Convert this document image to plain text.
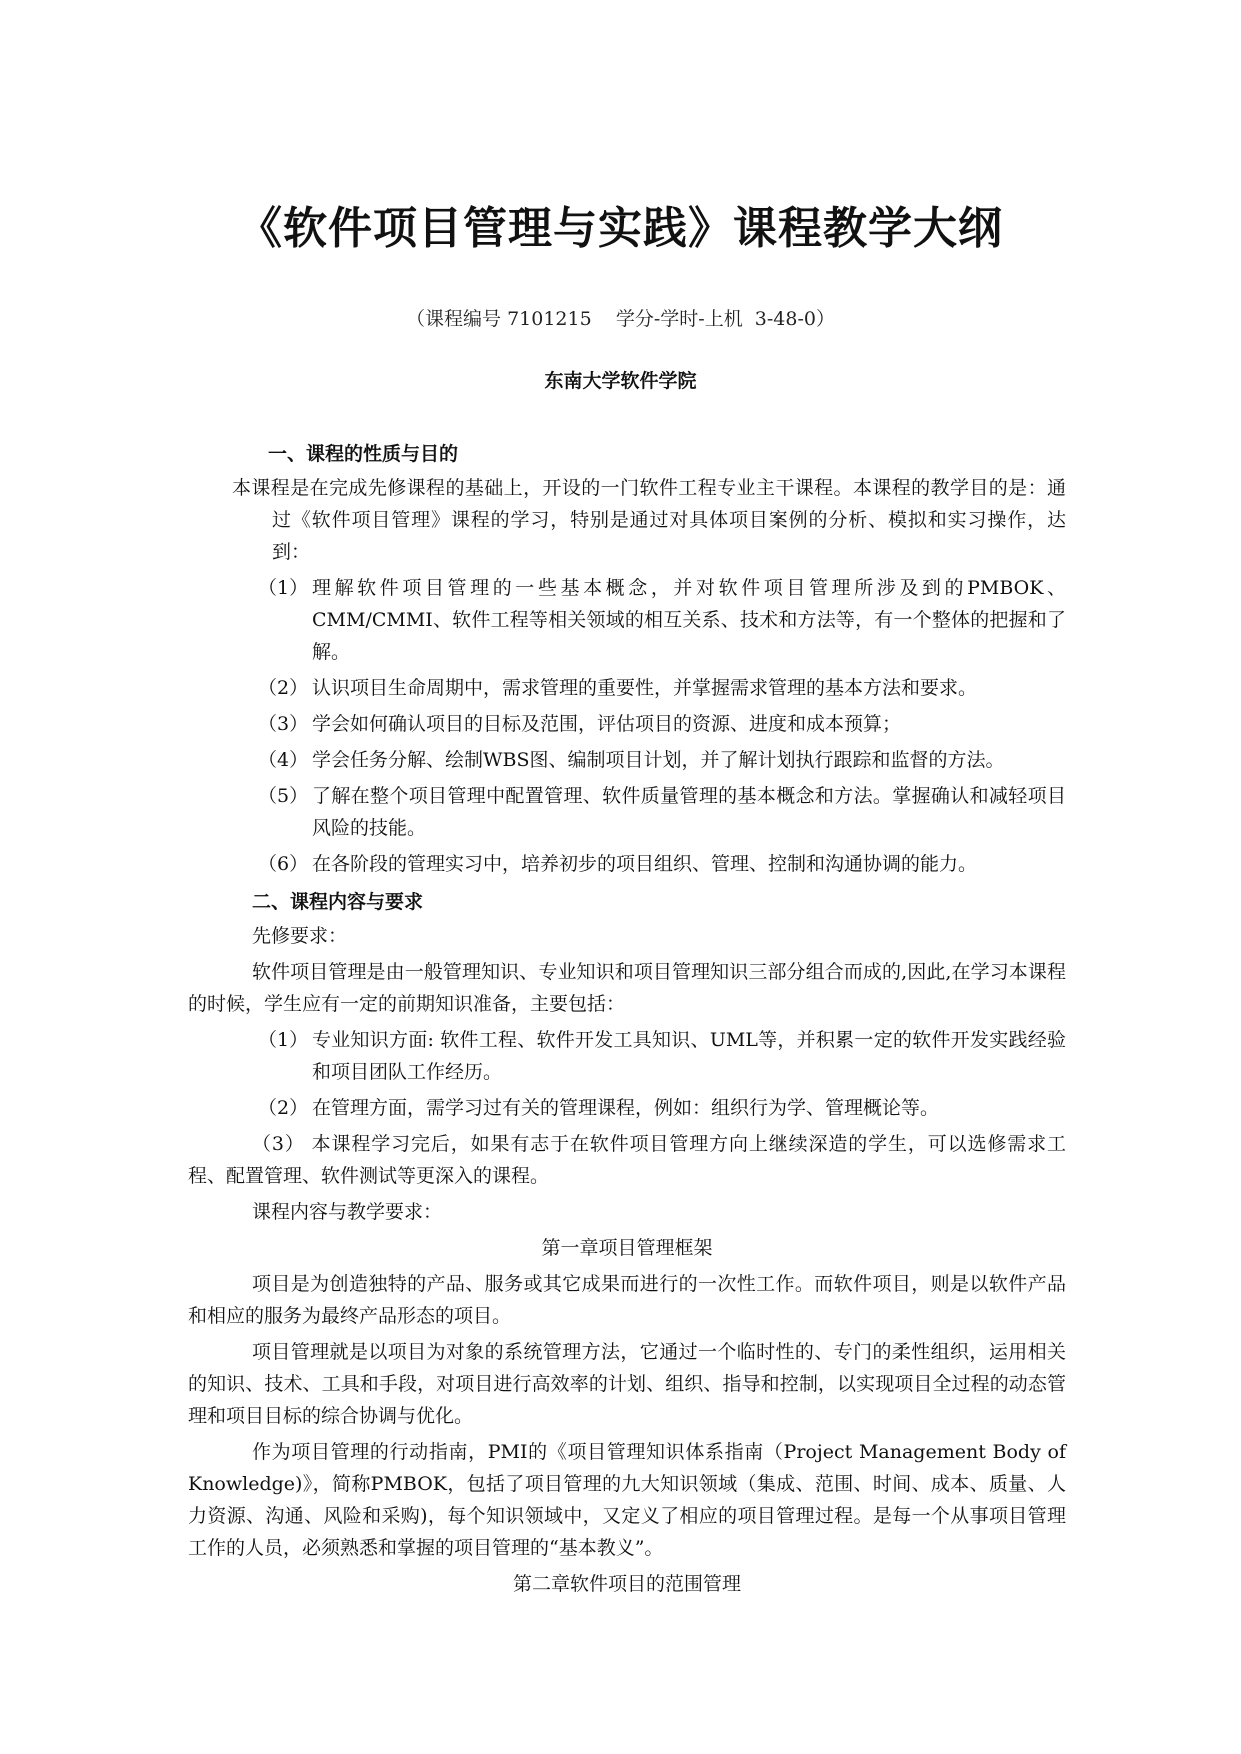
《软件项目管理与实践》课程教学大纲
（课程编号 7101215    学分-学时-上机  3-48-0）
东南大学软件学院
一、课程的性质与目的

本课程是在完成先修课程的基础上，开设的一门软件工程专业主干课程。本课程的教学目的是：通过《软件项目管理》课程的学习，特别是通过对具体项目案例的分析、模拟和实习操作，达到：

（1） 理解软件项目管理的一些基本概念，并对软件项目管理所涉及到的PMBOK、CMM/CMMI、软件工程等相关领域的相互关系、技术和方法等，有一个整体的把握和了解。
（2） 认识项目生命周期中，需求管理的重要性，并掌握需求管理的基本方法和要求。
（3） 学会如何确认项目的目标及范围，评估项目的资源、进度和成本预算；
（4） 学会任务分解、绘制WBS图、编制项目计划，并了解计划执行跟踪和监督的方法。
（5） 了解在整个项目管理中配置管理、软件质量管理的基本概念和方法。掌握确认和减轻项目风险的技能。
（6） 在各阶段的管理实习中，培养初步的项目组织、管理、控制和沟通协调的能力。
二、课程内容与要求

先修要求：

软件项目管理是由一般管理知识、专业知识和项目管理知识三部分组合而成的,因此,在学习本课程的时候，学生应有一定的前期知识准备，主要包括：

（1） 专业知识方面: 软件工程、软件开发工具知识、UML等，并积累一定的软件开发实践经验和项目团队工作经历。
（2） 在管理方面，需学习过有关的管理课程，例如：组织行为学、管理概论等。

（3） 本课程学习完后，如果有志于在软件项目管理方向上继续深造的学生，可以选修需求工程、配置管理、软件测试等更深入的课程。

课程内容与教学要求：

第一章项目管理框架

项目是为创造独特的产品、服务或其它成果而进行的一次性工作。而软件项目，则是以软件产品和相应的服务为最终产品形态的项目。

项目管理就是以项目为对象的系统管理方法，它通过一个临时性的、专门的柔性组织，运用相关的知识、技术、工具和手段，对项目进行高效率的计划、组织、指导和控制，以实现项目全过程的动态管理和项目目标的综合协调与优化。

作为项目管理的行动指南，PMI的《项目管理知识体系指南（Project Management Body of Knowledge)》，简称PMBOK，包括了项目管理的九大知识领域（集成、范围、时间、成本、质量、人力资源、沟通、风险和采购)，每个知识领域中，又定义了相应的项目管理过程。是每一个从事项目管理工作的人员，必须熟悉和掌握的项目管理的“基本教义”。

第二章软件项目的范围管理
